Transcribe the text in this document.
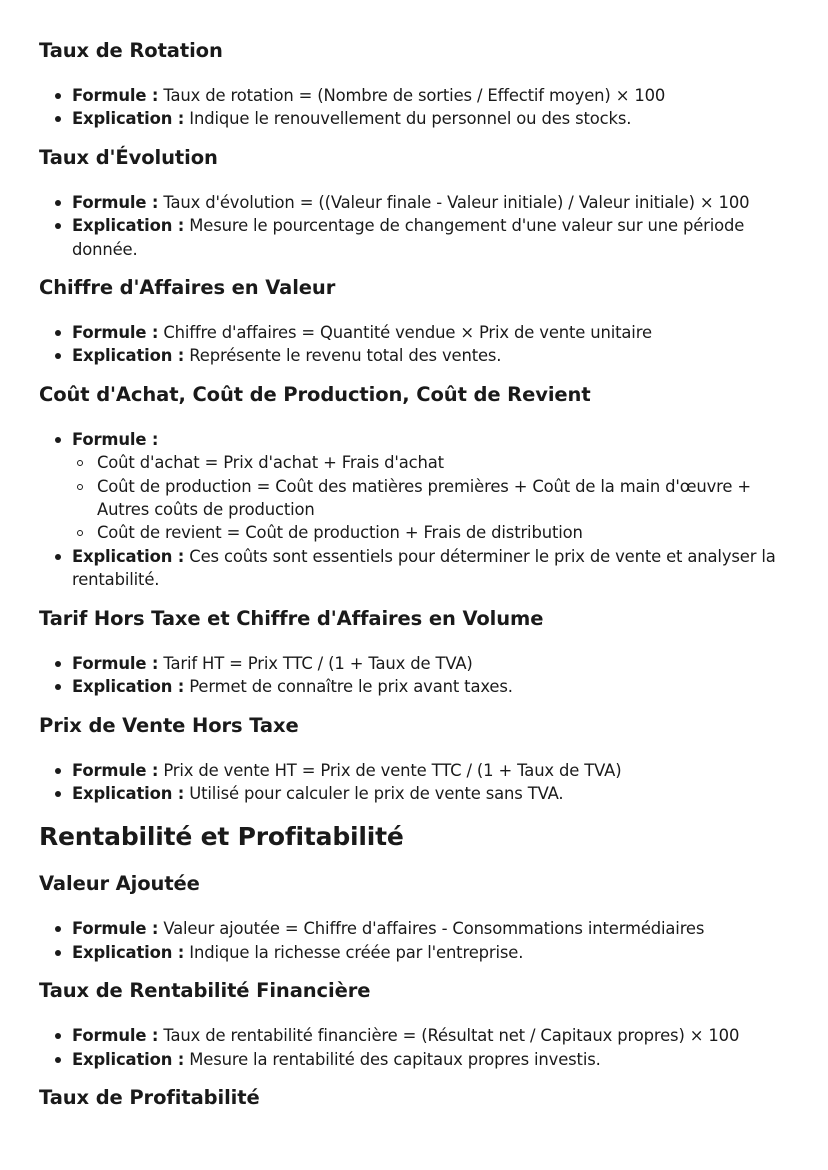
Taux de Rotation
Formule : Taux de rotation = (Nombre de sorties / Effectif moyen) × 100
Explication : Indique le renouvellement du personnel ou des stocks.
Taux d'Évolution
Formule : Taux d'évolution = ((Valeur finale - Valeur initiale) / Valeur initiale) × 100
Explication : Mesure le pourcentage de changement d'une valeur sur une période donnée.
Chiffre d'Affaires en Valeur
Formule : Chiffre d'affaires = Quantité vendue × Prix de vente unitaire
Explication : Représente le revenu total des ventes.
Coût d'Achat, Coût de Production, Coût de Revient
Formule :
Coût d'achat = Prix d'achat + Frais d'achat
Coût de production = Coût des matières premières + Coût de la main d'œuvre + Autres coûts de production
Coût de revient = Coût de production + Frais de distribution
Explication : Ces coûts sont essentiels pour déterminer le prix de vente et analyser la rentabilité.
Tarif Hors Taxe et Chiffre d'Affaires en Volume
Formule : Tarif HT = Prix TTC / (1 + Taux de TVA)
Explication : Permet de connaître le prix avant taxes.
Prix de Vente Hors Taxe
Formule : Prix de vente HT = Prix de vente TTC / (1 + Taux de TVA)
Explication : Utilisé pour calculer le prix de vente sans TVA.
Rentabilité et Profitabilité
Valeur Ajoutée
Formule : Valeur ajoutée = Chiffre d'affaires - Consommations intermédiaires
Explication : Indique la richesse créée par l'entreprise.
Taux de Rentabilité Financière
Formule : Taux de rentabilité financière = (Résultat net / Capitaux propres) × 100
Explication : Mesure la rentabilité des capitaux propres investis.
Taux de Profitabilité
